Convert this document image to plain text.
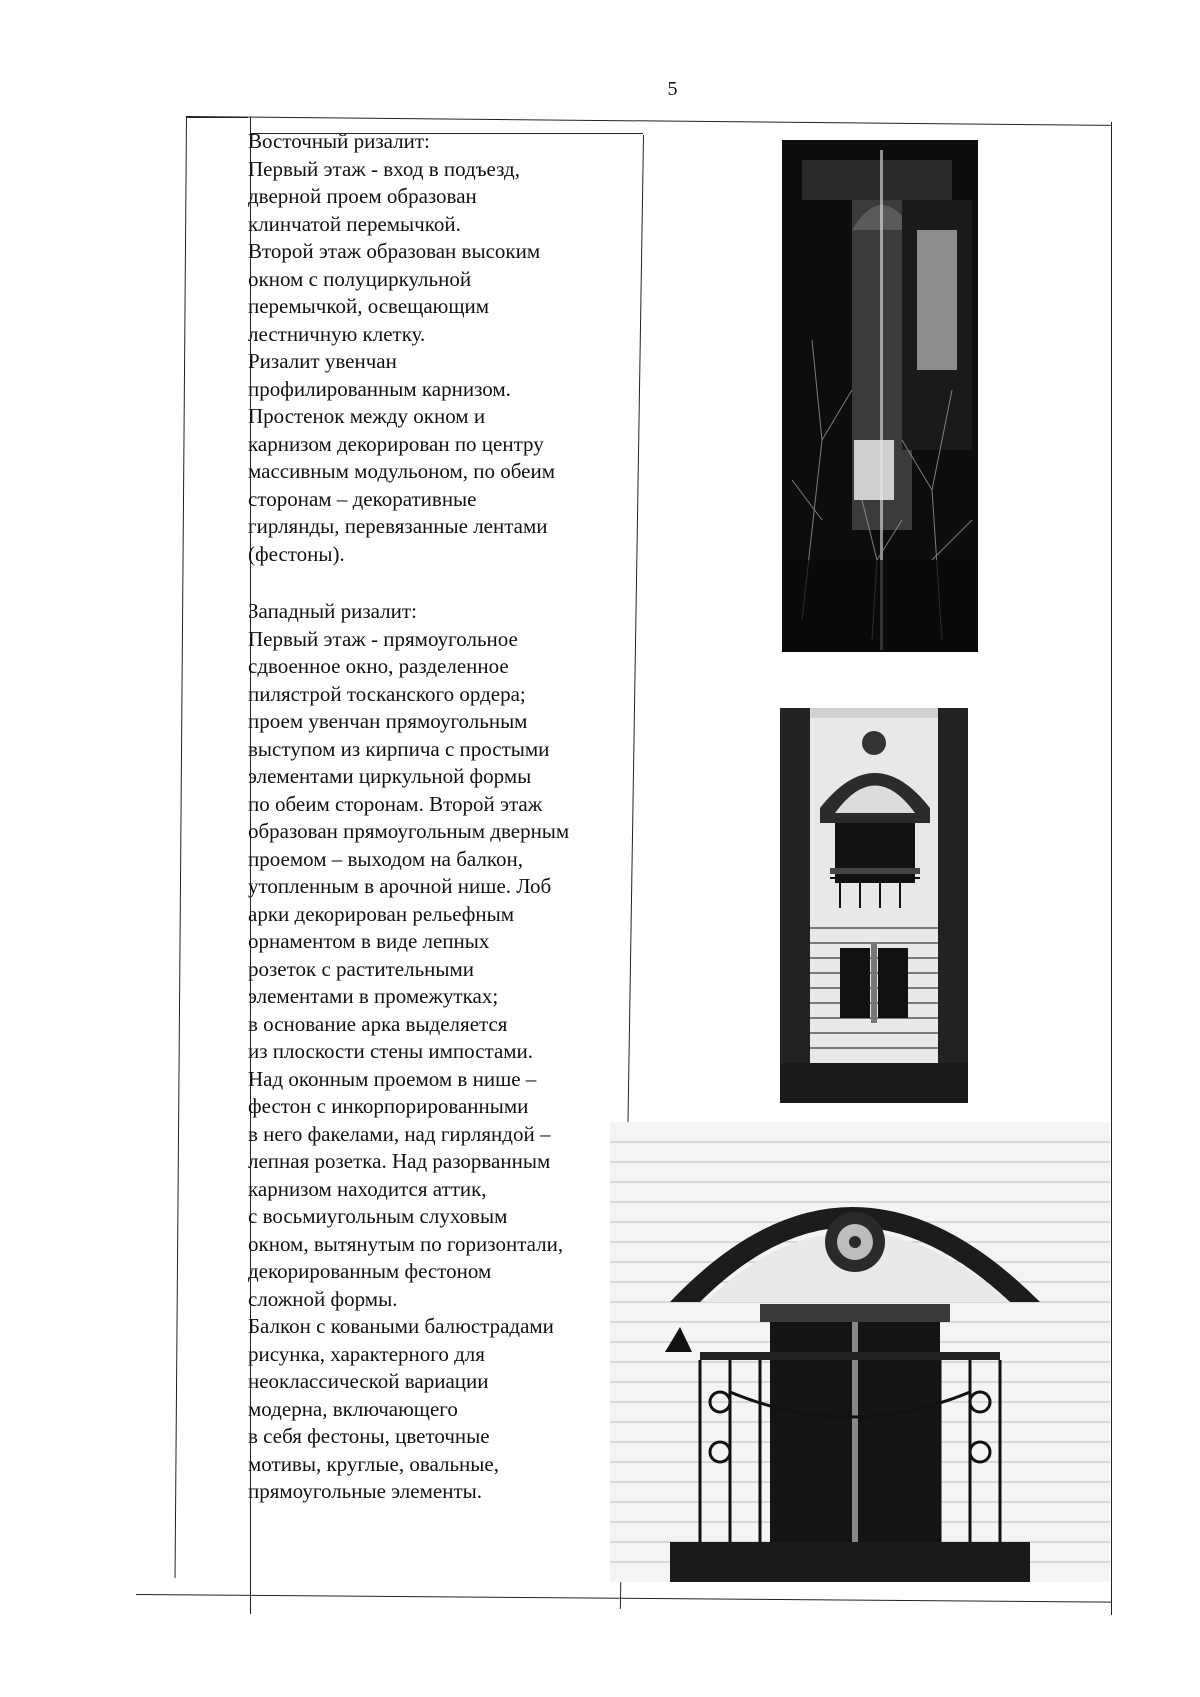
5

Восточный ризалит:

Первый этаж - вход в подъезд,

дверной проем образован

клинчатой перемычкой.

Второй этаж образован высоким

окном с полуциркульной

перемычкой, освещающим

лестничную клетку.

Ризалит увенчан

профилированным карнизом.

Простенок между окном и

карнизом декорирован по центру

массивным модульоном, по обеим

сторонам – декоративные

гирлянды, перевязанные лентами

(фестоны).

Западный ризалит:

Первый этаж - прямоугольное

сдвоенное окно, разделенное

пилястрой тосканского ордера;

проем увенчан прямоугольным

выступом из кирпича с простыми

элементами циркульной формы

по обеим сторонам. Второй этаж

образован прямоугольным дверным

проемом – выходом на балкон,

утопленным в арочной нише. Лоб

арки декорирован рельефным

орнаментом в виде лепных

розеток с растительными

элементами в промежутках;

в основание арка выделяется

из плоскости стены импостами.

Над оконным проемом в нише –

фестон с инкорпорированными

в него факелами, над гирляндой –

лепная розетка. Над разорванным

карнизом находится аттик,

с восьмиугольным слуховым

окном, вытянутым по горизонтали,

декорированным фестоном

сложной формы.

Балкон с коваными балюстрадами

рисунка, характерного для

неоклассической вариации

модерна, включающего

в себя фестоны, цветочные

мотивы, круглые, овальные,

прямоугольные элементы.
